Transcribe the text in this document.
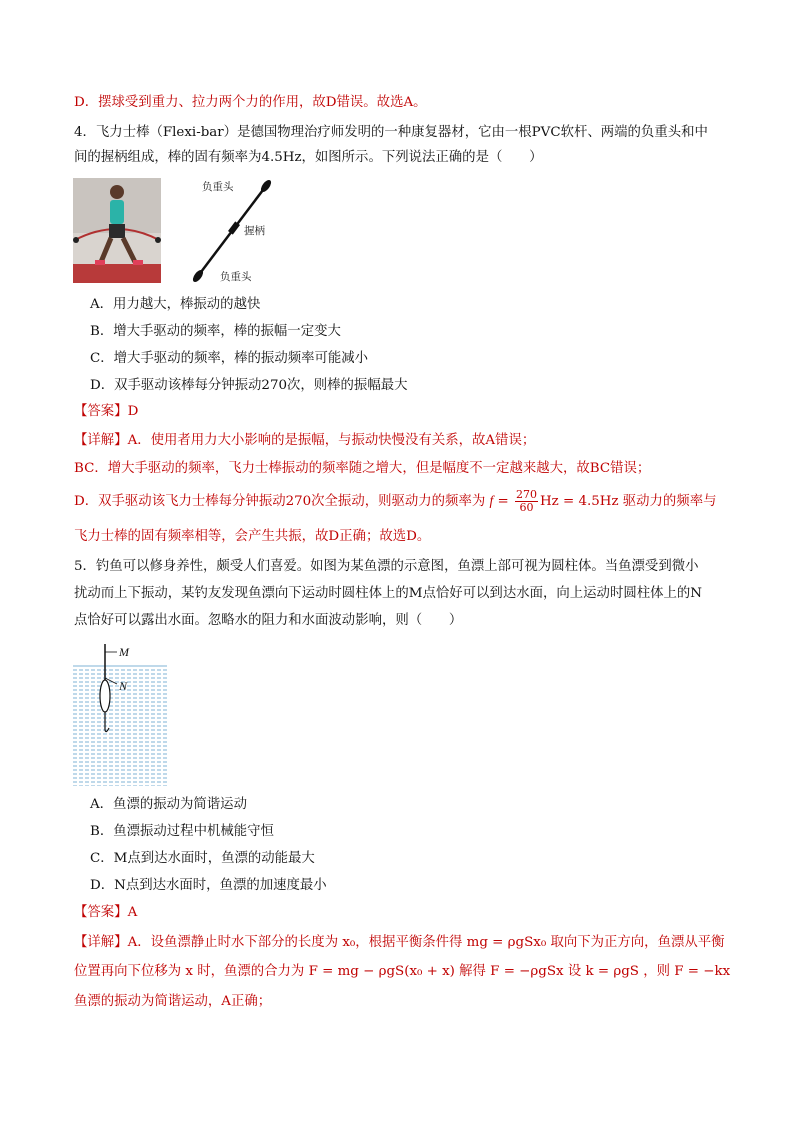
D．摆球受到重力、拉力两个力的作用，故D错误。故选A。
4．飞力士棒（Flexi-bar）是德国物理治疗师发明的一种康复器材，它由一根PVC软杆、两端的负重头和中
间的握柄组成，棒的固有频率为4.5Hz，如图所示。下列说法正确的是（　　）
负重头
握柄
负重头
A．用力越大，棒振动的越快
B．增大手驱动的频率，棒的振幅一定变大
C．增大手驱动的频率，棒的振动频率可能减小
D．双手驱动该棒每分钟振动270次，则棒的振幅最大
【答案】D
【详解】A．使用者用力大小影响的是振幅，与振动快慢没有关系，故A错误；
BC．增大手驱动的频率，飞力士棒振动的频率随之增大，但是幅度不一定越来越大，故BC错误；
D．双手驱动该飞力士棒每分钟振动270次全振动，则驱动力的频率为 $f = \frac{270}{60}$ Hz = 4.5Hz 驱动力的频率与
飞力士棒的固有频率相等，会产生共振，故D正确；故选D。
5．钓鱼可以修身养性，颇受人们喜爱。如图为某鱼漂的示意图，鱼漂上部可视为圆柱体。当鱼漂受到微小
扰动而上下振动，某钓友发现鱼漂向下运动时圆柱体上的M点恰好可以到达水面，向上运动时圆柱体上的N
点恰好可以露出水面。忽略水的阻力和水面波动影响，则（　　）
M
N
A．鱼漂的振动为简谐运动
B．鱼漂振动过程中机械能守恒
C．M点到达水面时，鱼漂的动能最大
D．N点到达水面时，鱼漂的加速度最小
【答案】A
【详解】A．设鱼漂静止时水下部分的长度为 x₀，根据平衡条件得 mg = ρgSx₀ 取向下为正方向，鱼漂从平衡
位置再向下位移为 x 时，鱼漂的合力为 F = mg − ρgS(x₀ + x) 解得 F = −ρgSx 设 k = ρgS ，则 F = −kx
鱼漂的振动为简谐运动，A正确；
